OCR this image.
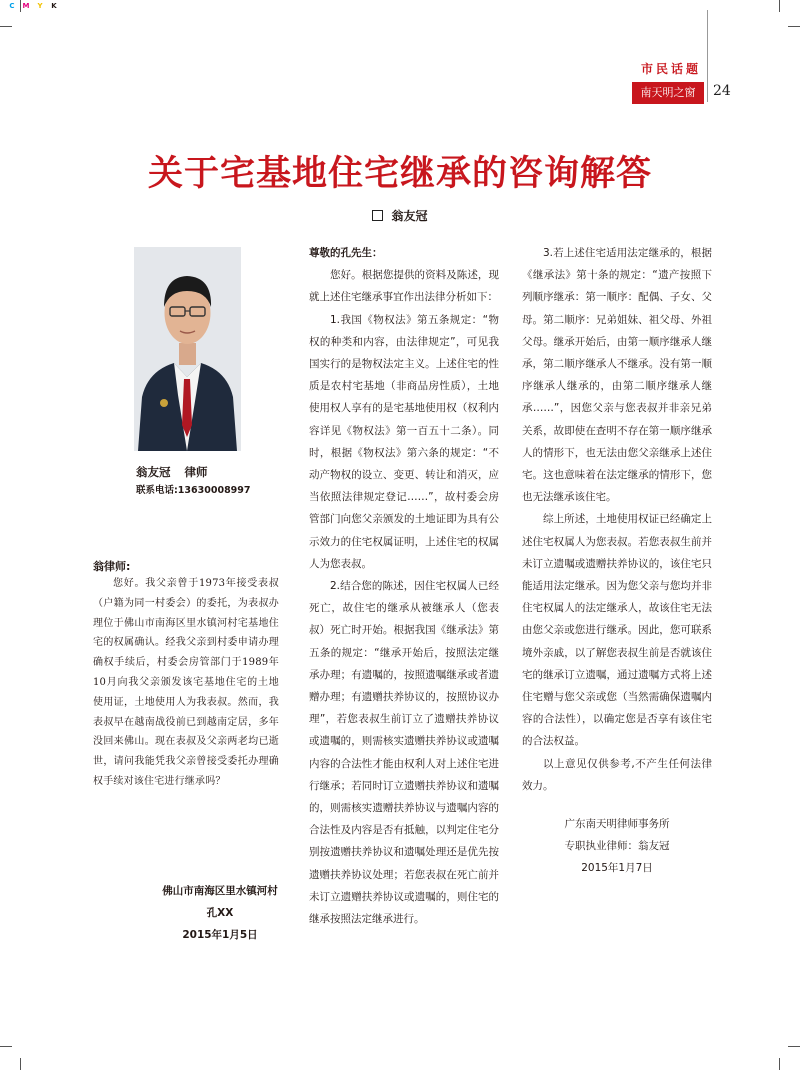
C	M	Y	K
市民话题
南天明之窗	24
关于宅基地住宅继承的咨询解答
翁友冠
翁友冠 律师
联系电话:13630008997
翁律师:

您好。我父亲曾于1973年接受表叔（户籍为同一村委会）的委托，为表叔办理位于佛山市南海区里水镇河村宅基地住宅的权属确认。经我父亲到村委申请办理确权手续后，村委会房管部门于1989年10月向我父亲颁发该宅基地住宅的土地使用证，土地使用人为我表叔。然而，我表叔早在越南战役前已到越南定居，多年没回来佛山。现在表叔及父亲两老均已逝世，请问我能凭我父亲曾接受委托办理确权手续对该住宅进行继承吗？

佛山市南海区里水镇河村
孔XX
2015年1月5日

尊敬的孔先生：

您好。根据您提供的资料及陈述，现就上述住宅继承事宜作出法律分析如下：

1.我国《物权法》第五条规定：“物权的种类和内容，由法律规定”，可见我国实行的是物权法定主义。上述住宅的性质是农村宅基地（非商品房性质），土地使用权人享有的是宅基地使用权（权利内容详见《物权法》第一百五十二条）。同时，根据《物权法》第六条的规定：“不动产物权的设立、变更、转让和消灭，应当依照法律规定登记……”，故村委会房管部门向您父亲颁发的土地证即为具有公示效力的住宅权属证明，上述住宅的权属人为您表叔。

2.结合您的陈述，因住宅权属人已经死亡，故住宅的继承从被继承人（您表叔）死亡时开始。根据我国《继承法》第五条的规定：“继承开始后，按照法定继承办理；有遗嘱的，按照遗嘱继承或者遗赠办理；有遗赠扶养协议的，按照协议办理”，若您表叔生前订立了遗赠扶养协议或遗嘱的，则需核实遗赠扶养协议或遗嘱内容的合法性才能由权利人对上述住宅进行继承；若同时订立遗赠扶养协议和遗嘱的，则需核实遗赠扶养协议与遗嘱内容的合法性及内容是否有抵触，以判定住宅分别按遗赠扶养协议和遗嘱处理还是优先按遗赠扶养协议处理；若您表叔在死亡前并未订立遗赠扶养协议或遗嘱的，则住宅的继承按照法定继承进行。

3.若上述住宅适用法定继承的，根据《继承法》第十条的规定：“遗产按照下列顺序继承：第一顺序：配偶、子女、父母。第二顺序：兄弟姐妹、祖父母、外祖父母。继承开始后，由第一顺序继承人继承，第二顺序继承人不继承。没有第一顺序继承人继承的，由第二顺序继承人继承……”，因您父亲与您表叔并非亲兄弟关系，故即使在查明不存在第一顺序继承人的情形下，也无法由您父亲继承上述住宅。这也意味着在法定继承的情形下，您也无法继承该住宅。

综上所述，土地使用权证已经确定上述住宅权属人为您表叔。若您表叔生前并未订立遗嘱或遗赠扶养协议的，该住宅只能适用法定继承。因为您父亲与您均并非住宅权属人的法定继承人，故该住宅无法由您父亲或您进行继承。因此，您可联系境外亲戚，以了解您表叔生前是否就该住宅的继承订立遗嘱，通过遗嘱方式将上述住宅赠与您父亲或您（当然需确保遗嘱内容的合法性），以确定您是否享有该住宅的合法权益。

以上意见仅供参考,不产生任何法律效力。

广东南天明律师事务所

专职执业律师：翁友冠

2015年1月7日
